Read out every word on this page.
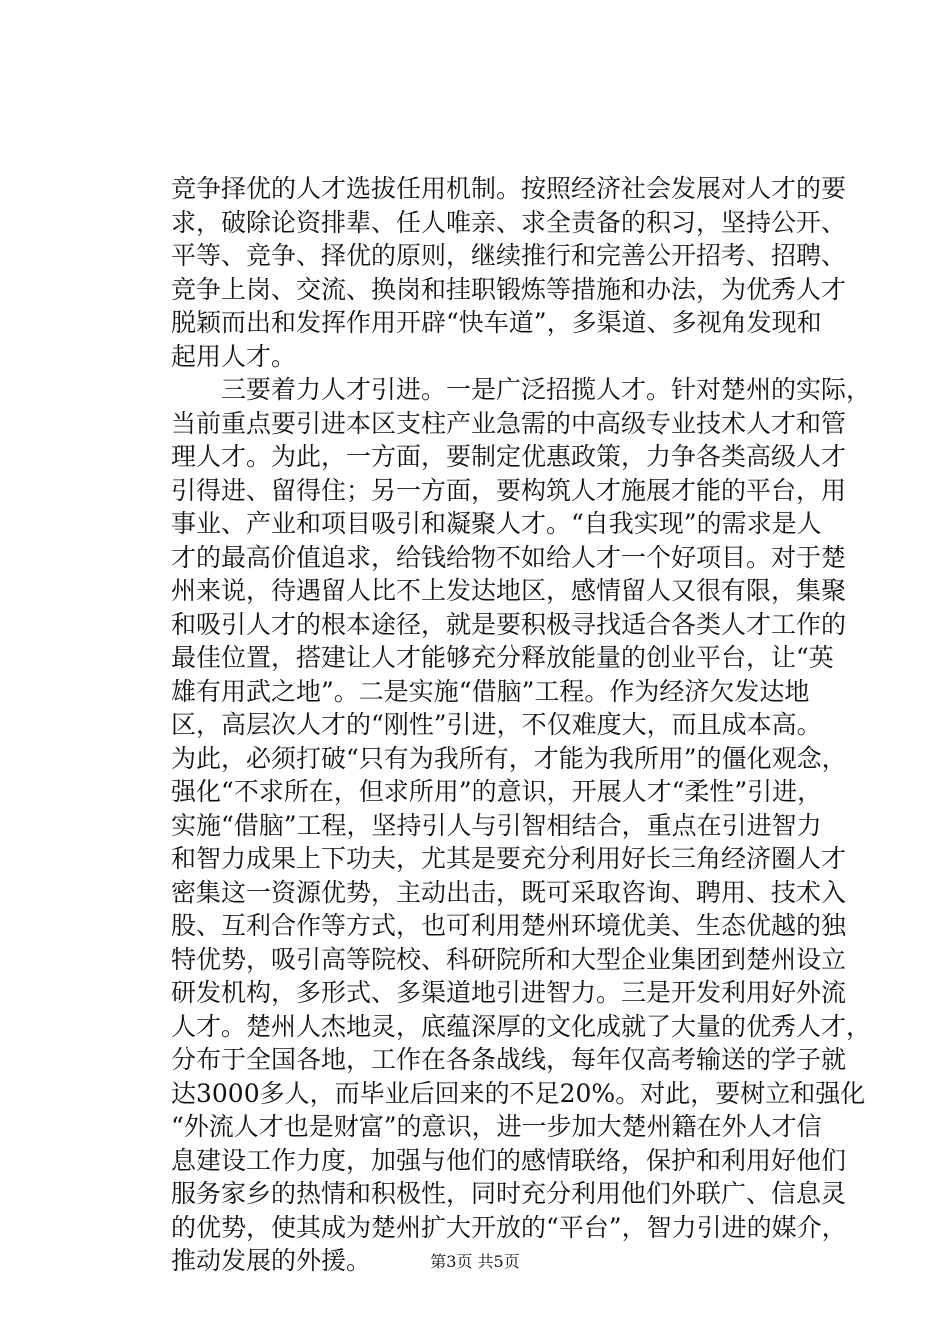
竞争择优的人才选拔任用机制。按照经济社会发展对人才的要
求，破除论资排辈、任人唯亲、求全责备的积习，坚持公开、
平等、竞争、择优的原则，继续推行和完善公开招考、招聘、
竞争上岗、交流、换岗和挂职锻炼等措施和办法，为优秀人才
脱颖而出和发挥作用开辟“快车道”，多渠道、多视角发现和
起用人才。
三要着力人才引进。一是广泛招揽人才。针对楚州的实际，
当前重点要引进本区支柱产业急需的中高级专业技术人才和管
理人才。为此，一方面，要制定优惠政策，力争各类高级人才
引得进、留得住；另一方面，要构筑人才施展才能的平台，用
事业、产业和项目吸引和凝聚人才。“自我实现”的需求是人
才的最高价值追求，给钱给物不如给人才一个好项目。对于楚
州来说，待遇留人比不上发达地区，感情留人又很有限，集聚
和吸引人才的根本途径，就是要积极寻找适合各类人才工作的
最佳位置，搭建让人才能够充分释放能量的创业平台，让“英
雄有用武之地”。二是实施“借脑”工程。作为经济欠发达地
区，高层次人才的“刚性”引进，不仅难度大，而且成本高。
为此，必须打破“只有为我所有，才能为我所用”的僵化观念，
强化“不求所在，但求所用”的意识，开展人才“柔性”引进，
实施“借脑”工程，坚持引人与引智相结合，重点在引进智力
和智力成果上下功夫，尤其是要充分利用好长三角经济圈人才
密集这一资源优势，主动出击，既可采取咨询、聘用、技术入
股、互利合作等方式，也可利用楚州环境优美、生态优越的独
特优势，吸引高等院校、科研院所和大型企业集团到楚州设立
研发机构，多形式、多渠道地引进智力。三是开发利用好外流
人才。楚州人杰地灵，底蕴深厚的文化成就了大量的优秀人才，
分布于全国各地，工作在各条战线，每年仅高考输送的学子就
达3000多人，而毕业后回来的不足20%。对此，要树立和强化
“外流人才也是财富”的意识，进一步加大楚州籍在外人才信
息建设工作力度，加强与他们的感情联络，保护和利用好他们
服务家乡的热情和积极性，同时充分利用他们外联广、信息灵
的优势，使其成为楚州扩大开放的“平台”，智力引进的媒介，
推动发展的外援。	第3页 共5页
